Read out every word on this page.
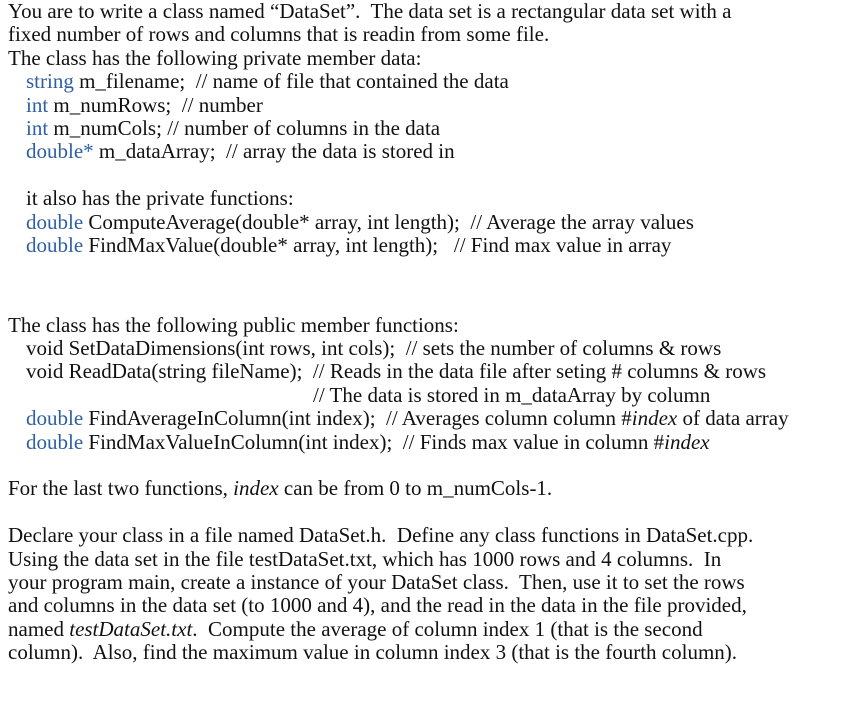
You are to write a class named “DataSet”.  The data set is a rectangular data set with a
fixed number of rows and columns that is readin from some file.
The class has the following private member data:
string m_filename;  // name of file that contained the data
int m_numRows;  // number
int m_numCols; // number of columns in the data
double* m_dataArray;  // array the data is stored in
it also has the private functions:
double ComputeAverage(double* array, int length);  // Average the array values
double FindMaxValue(double* array, int length);   // Find max value in array
The class has the following public member functions:
void SetDataDimensions(int rows, int cols);  // sets the number of columns & rows
void ReadData(string fileName);  // Reads in the data file after seting # columns & rows
// The data is stored in m_dataArray by column
double FindAverageInColumn(int index);  // Averages column column #index of data array
double FindMaxValueInColumn(int index);  // Finds max value in column #index
For the last two functions, index can be from 0 to m_numCols-1.
Declare your class in a file named DataSet.h.  Define any class functions in DataSet.cpp.
Using the data set in the file testDataSet.txt, which has 1000 rows and 4 columns.  In
your program main, create a instance of your DataSet class.  Then, use it to set the rows
and columns in the data set (to 1000 and 4), and the read in the data in the file provided,
named testDataSet.txt.  Compute the average of column index 1 (that is the second
column).  Also, find the maximum value in column index 3 (that is the fourth column).
